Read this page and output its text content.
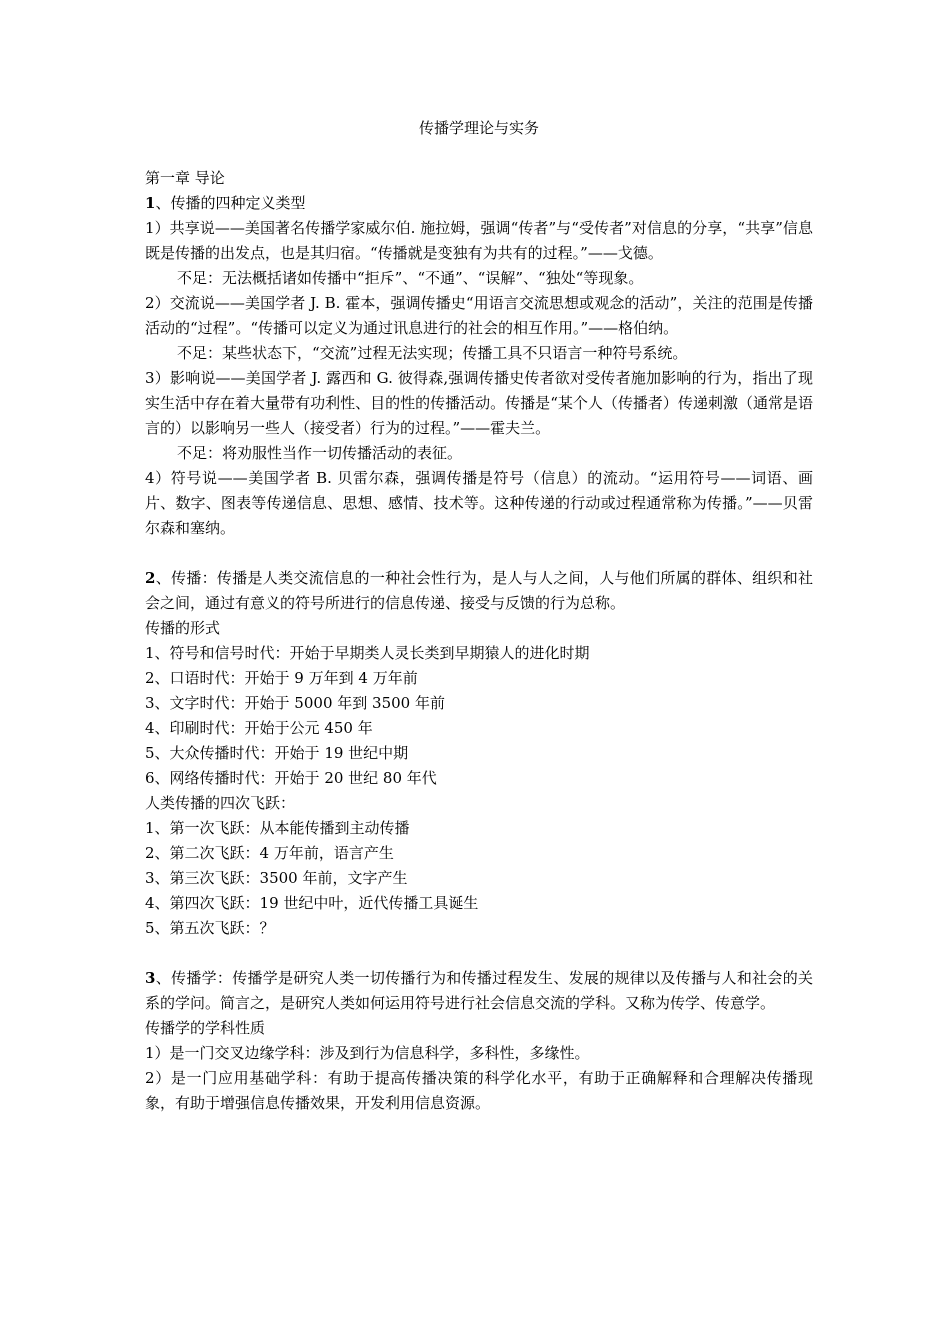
传播学理论与实务

第一章 导论

1、传播的四种定义类型

1）共享说——美国著名传播学家威尔伯. 施拉姆，强调“传者”与“受传者”对信息的分享，“共享”信息既是传播的出发点，也是其归宿。“传播就是变独有为共有的过程。”——戈德。

不足：无法概括诸如传播中“拒斥”、“不通”、“误解”、“独处“等现象。

2）交流说——美国学者 J. B. 霍本，强调传播史“用语言交流思想或观念的活动”，关注的范围是传播活动的“过程”。“传播可以定义为通过讯息进行的社会的相互作用。”——格伯纳。

不足：某些状态下，“交流”过程无法实现；传播工具不只语言一种符号系统。

3）影响说——美国学者 J. 露西和 G. 彼得森,强调传播史传者欲对受传者施加影响的行为，指出了现实生活中存在着大量带有功利性、目的性的传播活动。传播是“某个人（传播者）传递刺激（通常是语言的）以影响另一些人（接受者）行为的过程。”——霍夫兰。

不足：将劝服性当作一切传播活动的表征。

4）符号说——美国学者 B. 贝雷尔森，强调传播是符号（信息）的流动。“运用符号——词语、画片、数字、图表等传递信息、思想、感情、技术等。这种传递的行动或过程通常称为传播。”——贝雷尔森和塞纳。

2、传播：传播是人类交流信息的一种社会性行为，是人与人之间，人与他们所属的群体、组织和社会之间，通过有意义的符号所进行的信息传递、接受与反馈的行为总称。

传播的形式

1、符号和信号时代：开始于早期类人灵长类到早期猿人的进化时期

2、口语时代：开始于 9 万年到 4 万年前

3、文字时代：开始于 5000 年到 3500 年前

4、印刷时代：开始于公元 450 年

5、大众传播时代：开始于 19 世纪中期

6、网络传播时代：开始于 20 世纪 80 年代

人类传播的四次飞跃：

1、第一次飞跃：从本能传播到主动传播

2、第二次飞跃：4 万年前，语言产生

3、第三次飞跃：3500 年前，文字产生

4、第四次飞跃：19 世纪中叶，近代传播工具诞生

5、第五次飞跃：？

3、传播学：传播学是研究人类一切传播行为和传播过程发生、发展的规律以及传播与人和社会的关系的学问。简言之，是研究人类如何运用符号进行社会信息交流的学科。又称为传学、传意学。

传播学的学科性质

1）是一门交叉边缘学科：涉及到行为信息科学，多科性，多缘性。

2）是一门应用基础学科：有助于提高传播决策的科学化水平，有助于正确解释和合理解决传播现象，有助于增强信息传播效果，开发利用信息资源。
